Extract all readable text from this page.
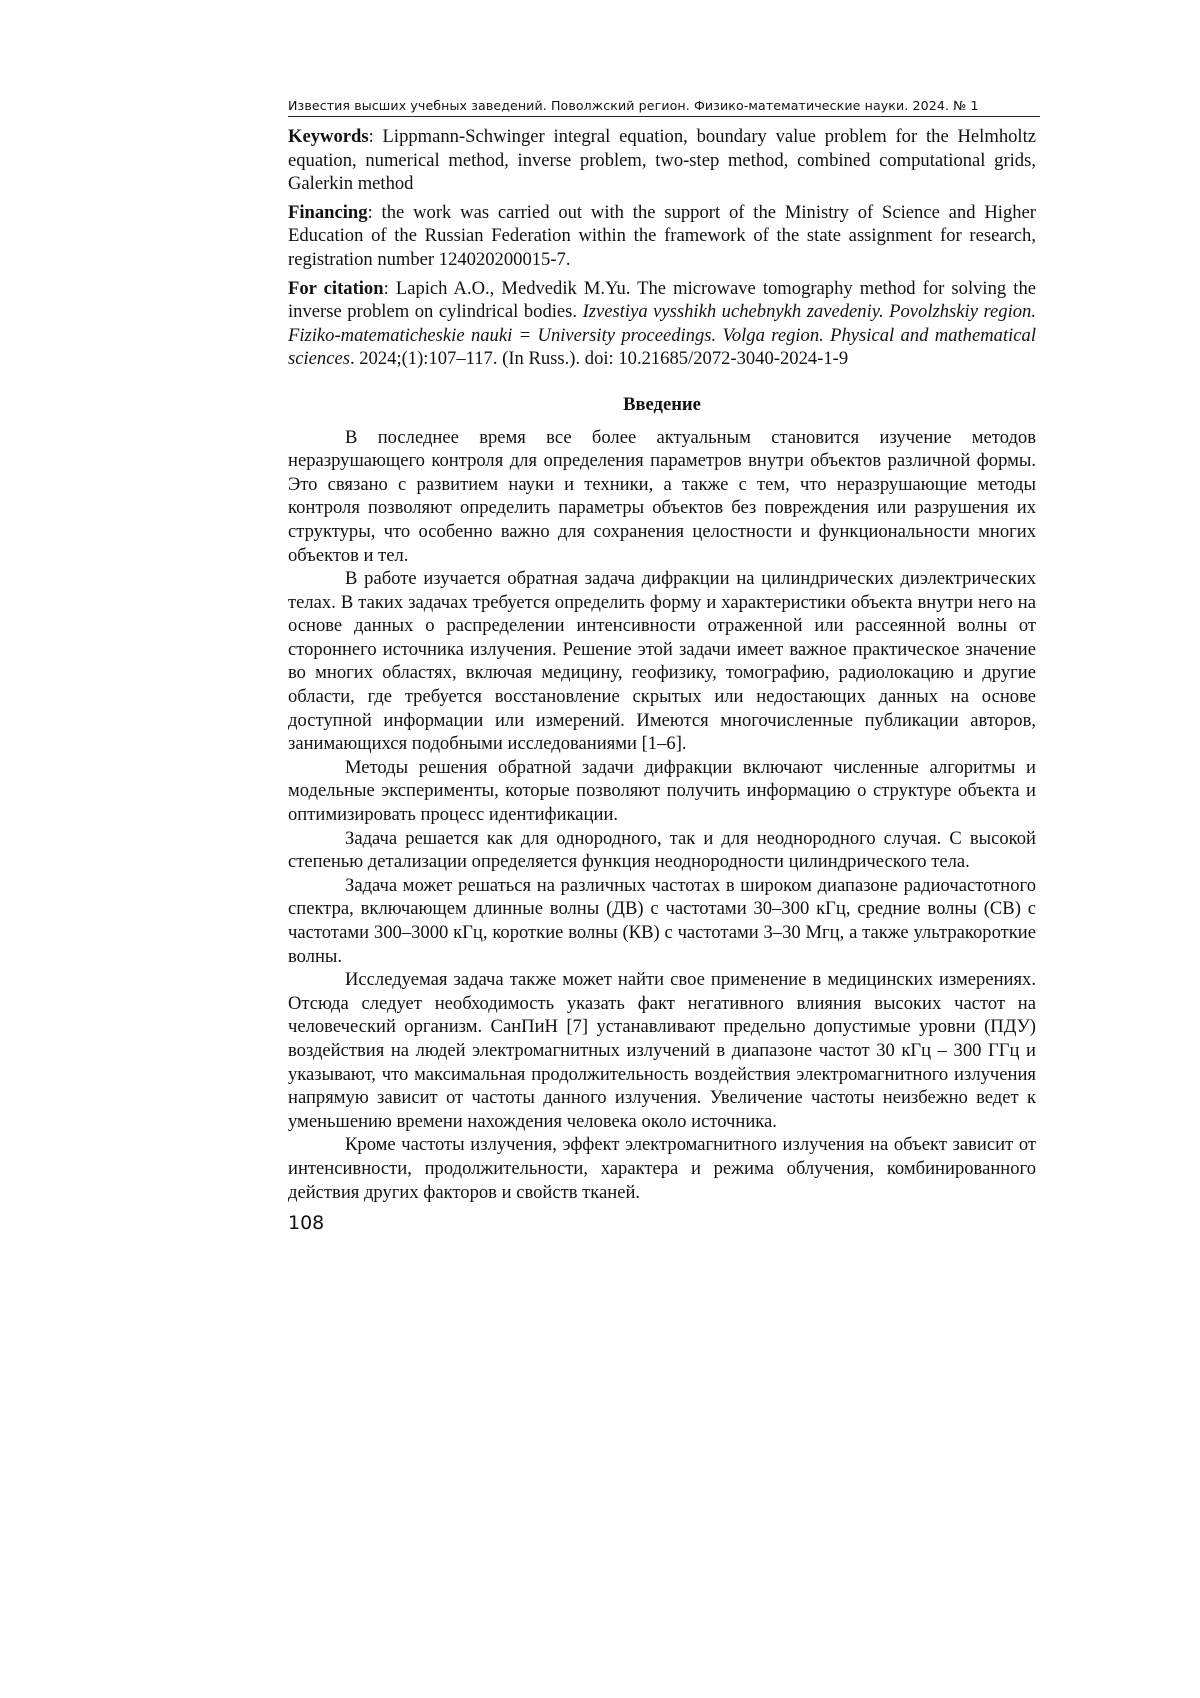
Известия высших учебных заведений. Поволжский регион. Физико-математические науки. 2024. № 1

Keywords: Lippmann-Schwinger integral equation, boundary value problem for the Helmholtz equation, numerical method, inverse problem, two-step method, combined computational grids, Galerkin method

Financing: the work was carried out with the support of the Ministry of Science and Higher Education of the Russian Federation within the framework of the state assignment for research, registration number 124020200015-7.

For citation: Lapich A.O., Medvedik M.Yu. The microwave tomography method for solving the inverse problem on cylindrical bodies. Izvestiya vysshikh uchebnykh zavedeniy. Povolzhskiy region. Fiziko-matematicheskie nauki = University proceedings. Volga region. Physical and mathematical sciences. 2024;(1):107–117. (In Russ.). doi: 10.21685/2072-3040-2024-1-9

Введение

В последнее время все более актуальным становится изучение методов неразрушающего контроля для определения параметров внутри объектов различной формы. Это связано с развитием науки и техники, а также с тем, что неразрушающие методы контроля позволяют определить параметры объектов без повреждения или разрушения их структуры, что особенно важно для сохранения целостности и функциональности многих объектов и тел.

В работе изучается обратная задача дифракции на цилиндрических диэлектрических телах. В таких задачах требуется определить форму и характеристики объекта внутри него на основе данных о распределении интенсивности отраженной или рассеянной волны от стороннего источника излучения. Решение этой задачи имеет важное практическое значение во многих областях, включая медицину, геофизику, томографию, радиолокацию и другие области, где требуется восстановление скрытых или недостающих данных на основе доступной информации или измерений. Имеются многочисленные публикации авторов, занимающихся подобными исследованиями [1–6].

Методы решения обратной задачи дифракции включают численные алгоритмы и модельные эксперименты, которые позволяют получить информацию о структуре объекта и оптимизировать процесс идентификации.

Задача решается как для однородного, так и для неоднородного случая. С высокой степенью детализации определяется функция неоднородности цилиндрического тела.

Задача может решаться на различных частотах в широком диапазоне радиочастотного спектра, включающем длинные волны (ДВ) с частотами 30–300 кГц, средние волны (СВ) с частотами 300–3000 кГц, короткие волны (КВ) с частотами 3–30 Мгц, а также ультракороткие волны.

Исследуемая задача также может найти свое применение в медицинских измерениях. Отсюда следует необходимость указать факт негативного влияния высоких частот на человеческий организм. СанПиН [7] устанавливают предельно допустимые уровни (ПДУ) воздействия на людей электромагнитных излучений в диапазоне частот 30 кГц – 300 ГГц и указывают, что максимальная продолжительность воздействия электромагнитного излучения напрямую зависит от частоты данного излучения. Увеличение частоты неизбежно ведет к уменьшению времени нахождения человека около источника.

Кроме частоты излучения, эффект электромагнитного излучения на объект зависит от интенсивности, продолжительности, характера и режима облучения, комбинированного действия других факторов и свойств тканей.

108
